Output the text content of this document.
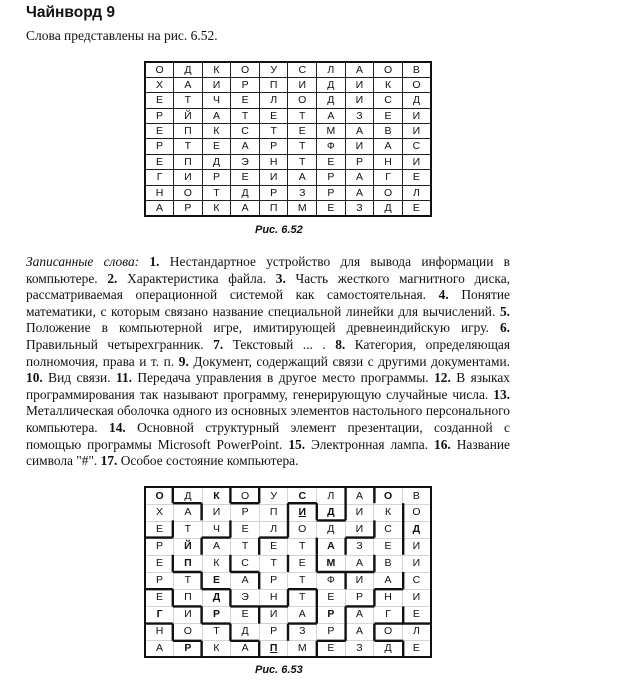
Чайнворд 9
Слова представлены на рис. 6.52.
О	Д	К	О	У	С	Л	А	О	В
Х	А	И	Р	П	И	Д	И	К	О
Е	Т	Ч	Е	Л	О	Д	И	С	Д
Р	Й	А	Т	Е	Т	А	З	Е	И
Е	П	К	С	Т	Е	М	А	В	И
Р	Т	Е	А	Р	Т	Ф	И	А	С
Е	П	Д	Э	Н	Т	Е	Р	Н	И
Г	И	Р	Е	И	А	Р	А	Г	Е
Н	О	Т	Д	Р	З	Р	А	О	Л
А	Р	К	А	П	М	Е	З	Д	Е
Рис. 6.52
Записанные слова: 1. Нестандартное устройство для вывода информации в компьютере. 2. Характеристика файла. 3. Часть жесткого магнитного диска, рассматриваемая операционной системой как самостоятельная. 4. Понятие математики, с которым связано название специальной линейки для вычислений. 5. Положение в компьютерной игре, имитирующей древнеиндийскую игру. 6. Правильный четырехгранник. 7. Текстовый ... . 8. Категория, определяющая полномочия, права и т. п. 9. Документ, содержащий связи с другими документами. 10. Вид связи. 11. Передача управления в другое место программы. 12. В языках программирования так называют программу, генерирующую случайные числа. 13. Металлическая оболочка одного из основных элементов настольного персонального компьютера. 14. Основной структурный элемент презентации, созданной с помощью программы Microsoft PowerPoint. 15. Электронная лампа. 16. Название символа "#". 17. Особое состояние компьютера.
О	Д	К	О	У	С	Л	А	О	В
Х	А	И	Р	П	И	Д	И	К	О
Е	Т	Ч	Е	Л	О	Д	И	С	Д
Р	Й	А	Т	Е	Т	А	З	Е	И
Е	П	К	С	Т	Е	М	А	В	И
Р	Т	Е	А	Р	Т	Ф	И	А	С
Е	П	Д	Э	Н	Т	Е	Р	Н	И
Г	И	Р	Е	И	А	Р	А	Г	Е
Н	О	Т	Д	Р	З	Р	А	О	Л
А	Р	К	А	П	М	Е	З	Д	Е
Рис. 6.53
